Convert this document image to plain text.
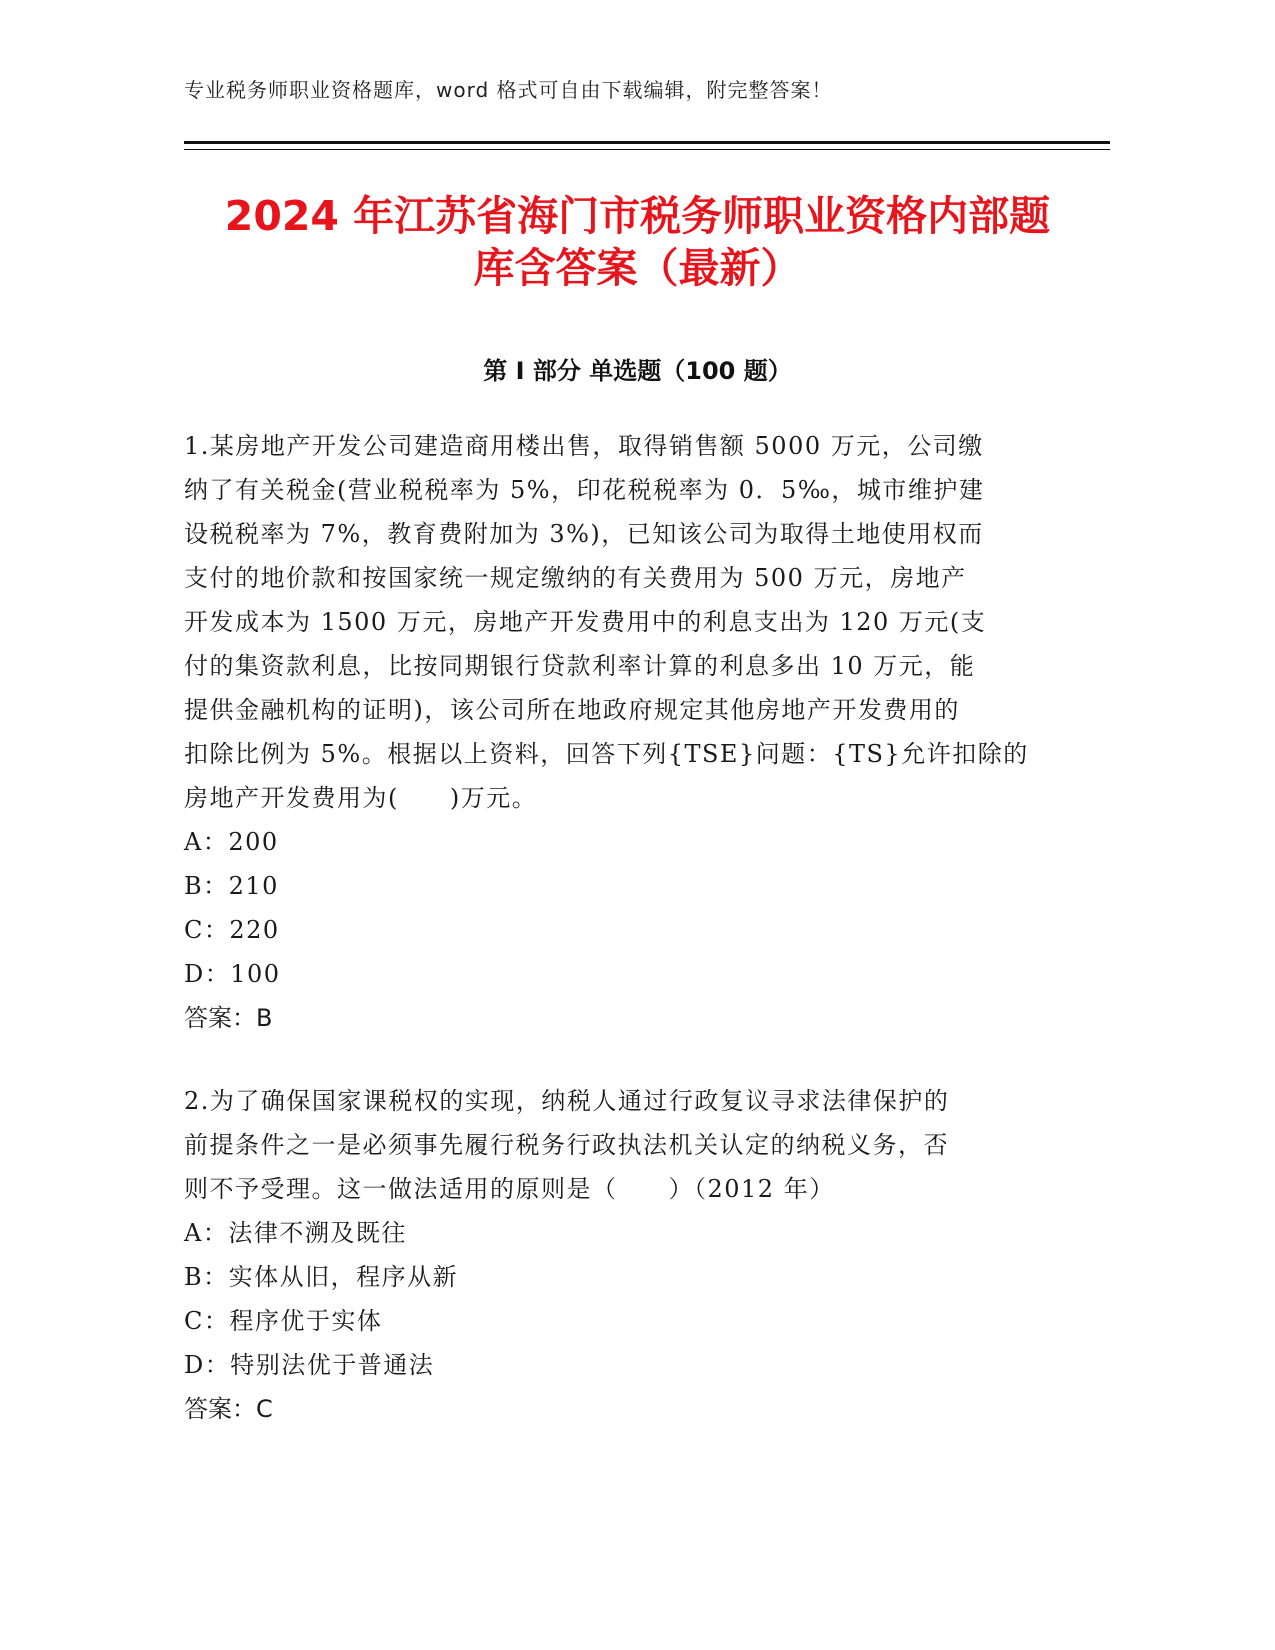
专业税务师职业资格题库，word 格式可自由下载编辑，附完整答案！
2024 年江苏省海门市税务师职业资格内部题
库含答案（最新）
第 I 部分 单选题（100 题）

1.某房地产开发公司建造商用楼出售，取得销售额 5000 万元，公司缴
纳了有关税金(营业税税率为 5%，印花税税率为 0．5‰，城市维护建
设税税率为 7%，教育费附加为 3%)，已知该公司为取得土地使用权而
支付的地价款和按国家统一规定缴纳的有关费用为 500 万元，房地产
开发成本为 1500 万元，房地产开发费用中的利息支出为 120 万元(支
付的集资款利息，比按同期银行贷款利率计算的利息多出 10 万元，能
提供金融机构的证明)，该公司所在地政府规定其他房地产开发费用的
扣除比例为 5%。根据以上资料，回答下列{TSE}问题：{TS}允许扣除的
房地产开发费用为(　　)万元。

A：200

B：210

C：220

D：100

答案：B

2.为了确保国家课税权的实现，纳税人通过行政复议寻求法律保护的
前提条件之一是必须事先履行税务行政执法机关认定的纳税义务，否
则不予受理。这一做法适用的原则是（　　）（2012 年）

A：法律不溯及既往

B：实体从旧，程序从新

C：程序优于实体

D：特别法优于普通法

答案：C
